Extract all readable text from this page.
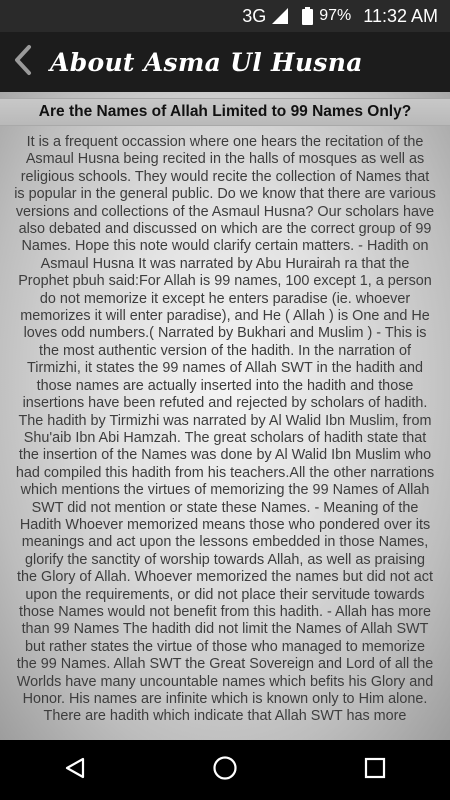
3G	97% 11:32 AM
About Asma Ul Husna
Are the Names of Allah Limited to 99 Names Only?
It is a frequent occassion where one hears the recitation of the Asmaul Husna being recited in the halls of mosques as well as religious schools. They would recite the collection of Names that is popular in the general public. Do we know that there are various versions and collections of the Asmaul Husna? Our scholars have also debated and discussed on which are the correct group of 99 Names. Hope this note would clarify certain matters. - Hadith on Asmaul Husna It was narrated by Abu Hurairah ra that the Prophet pbuh said:For Allah is 99 names, 100 except 1, a person do not memorize it except he enters paradise (ie. whoever memorizes it will enter paradise), and He ( Allah ) is One and He loves odd numbers.( Narrated by Bukhari and Muslim ) - This is the most authentic version of the hadith. In the narration of Tirmizhi, it states the 99 names of Allah SWT in the hadith and those names are actually inserted into the hadith and those insertions have been refuted and rejected by scholars of hadith. The hadith by Tirmizhi was narrated by Al Walid Ibn Muslim, from Shu'aib Ibn Abi Hamzah. The great scholars of hadith state that the insertion of the Names was done by Al Walid Ibn Muslim who had compiled this hadith from his teachers.All the other narrations which mentions the virtues of memorizing the 99 Names of Allah SWT did not mention or state these Names. - Meaning of the Hadith Whoever memorized means those who pondered over its meanings and act upon the lessons embedded in those Names, glorify the sanctity of worship towards Allah, as well as praising the Glory of Allah. Whoever memorized the names but did not act upon the requirements, or did not place their servitude towards those Names would not benefit from this hadith. - Allah has more than 99 Names The hadith did not limit the Names of Allah SWT but rather states the virtue of those who managed to memorize the 99 Names. Allah SWT the Great Sovereign and Lord of all the Worlds have many uncountable names which befits his Glory and Honor. His names are infinite which is known only to Him alone. There are hadith which indicate that Allah SWT has more
